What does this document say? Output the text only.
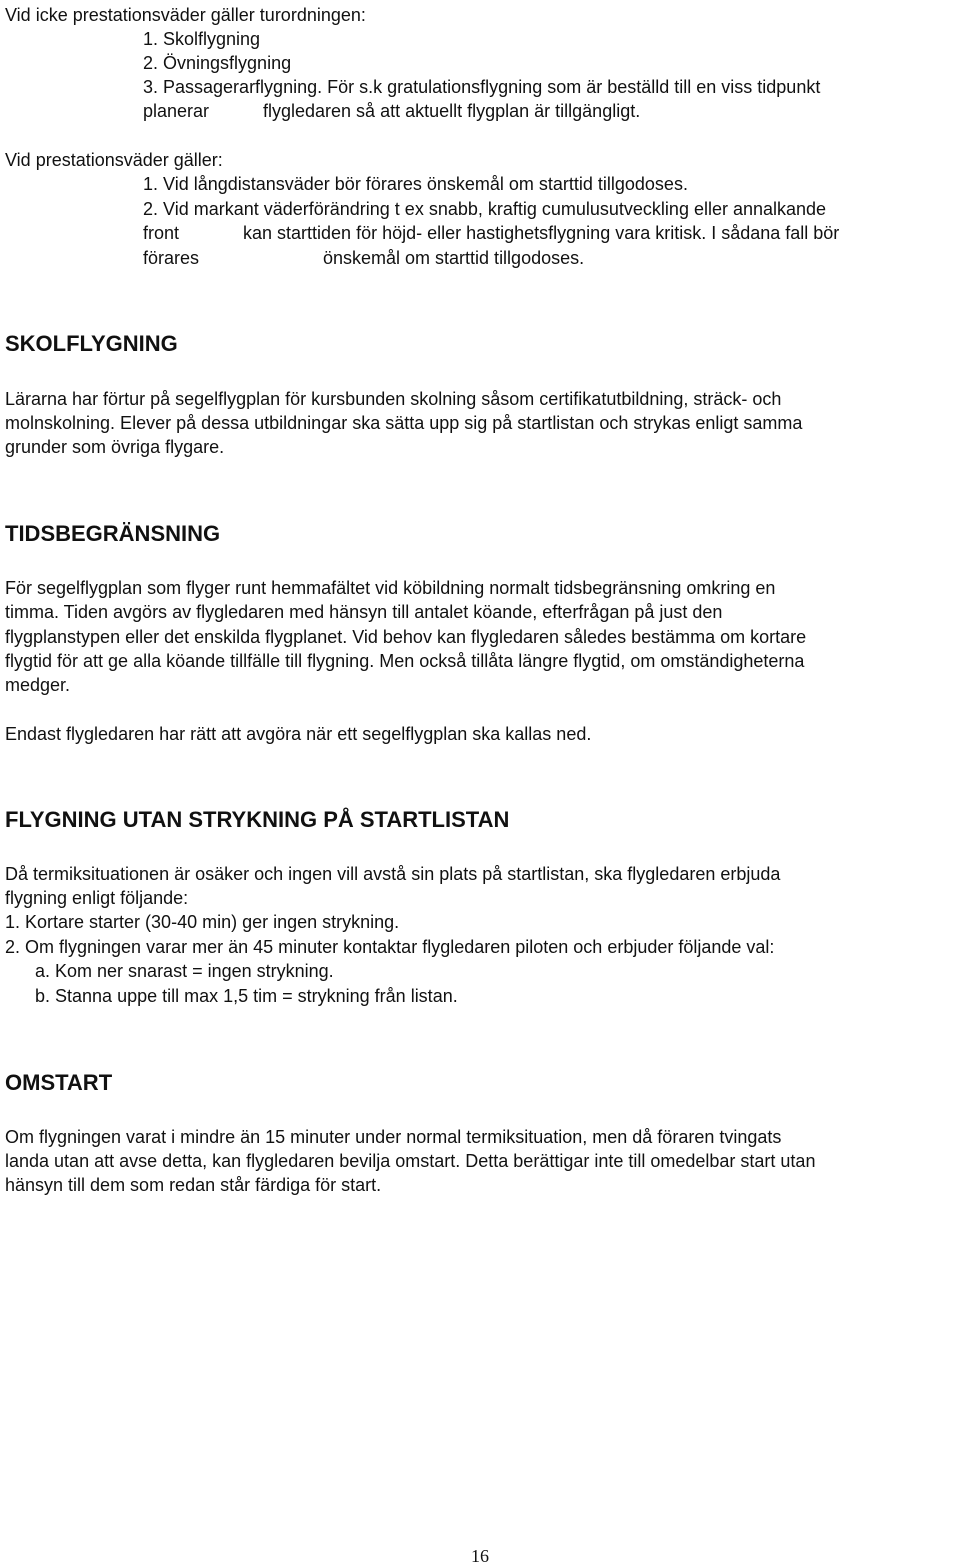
Vid icke prestationsväder gäller turordningen:
1. Skolflygning
2. Övningsflygning
3. Passagerarflygning. För s.k gratulationsflygning som är beställd till en viss tidpunkt
planerar	flygledaren så att aktuellt flygplan är tillgängligt.
Vid prestationsväder gäller:
1. Vid långdistansväder bör förares önskemål om starttid tillgodoses.
2. Vid markant väderförändring t ex snabb, kraftig cumulusutveckling eller annalkande
front	kan starttiden för höjd- eller hastighetsflygning vara kritisk. I sådana fall bör
förares	önskemål om starttid tillgodoses.
SKOLFLYGNING
Lärarna har förtur på segelflygplan för kursbunden skolning såsom certifikatutbildning, sträck- och
molnskolning. Elever på dessa utbildningar ska sätta upp sig på startlistan och strykas enligt samma
grunder som övriga flygare.
TIDSBEGRÄNSNING
För segelflygplan som flyger runt hemmafältet vid köbildning normalt tidsbegränsning omkring en
timma. Tiden avgörs av flygledaren med hänsyn till antalet köande, efterfrågan på just den
flygplanstypen eller det enskilda flygplanet. Vid behov kan flygledaren således bestämma om kortare
flygtid för att ge alla köande tillfälle till flygning. Men också tillåta längre flygtid, om omständigheterna
medger.
Endast flygledaren har rätt att avgöra när ett segelflygplan ska kallas ned.
FLYGNING UTAN STRYKNING PÅ STARTLISTAN
Då termiksituationen är osäker och ingen vill avstå sin plats på startlistan, ska flygledaren erbjuda
flygning enligt följande:
1. Kortare starter (30-40 min) ger ingen strykning.
2. Om flygningen varar mer än 45 minuter kontaktar flygledaren piloten och erbjuder följande val:
a. Kom ner snarast = ingen strykning.
b. Stanna uppe till max 1,5 tim = strykning från listan.
OMSTART
Om flygningen varat i mindre än 15 minuter under normal termiksituation, men då föraren tvingats
landa utan att avse detta, kan flygledaren bevilja omstart. Detta berättigar inte till omedelbar start utan
hänsyn till dem som redan står färdiga för start.
16
